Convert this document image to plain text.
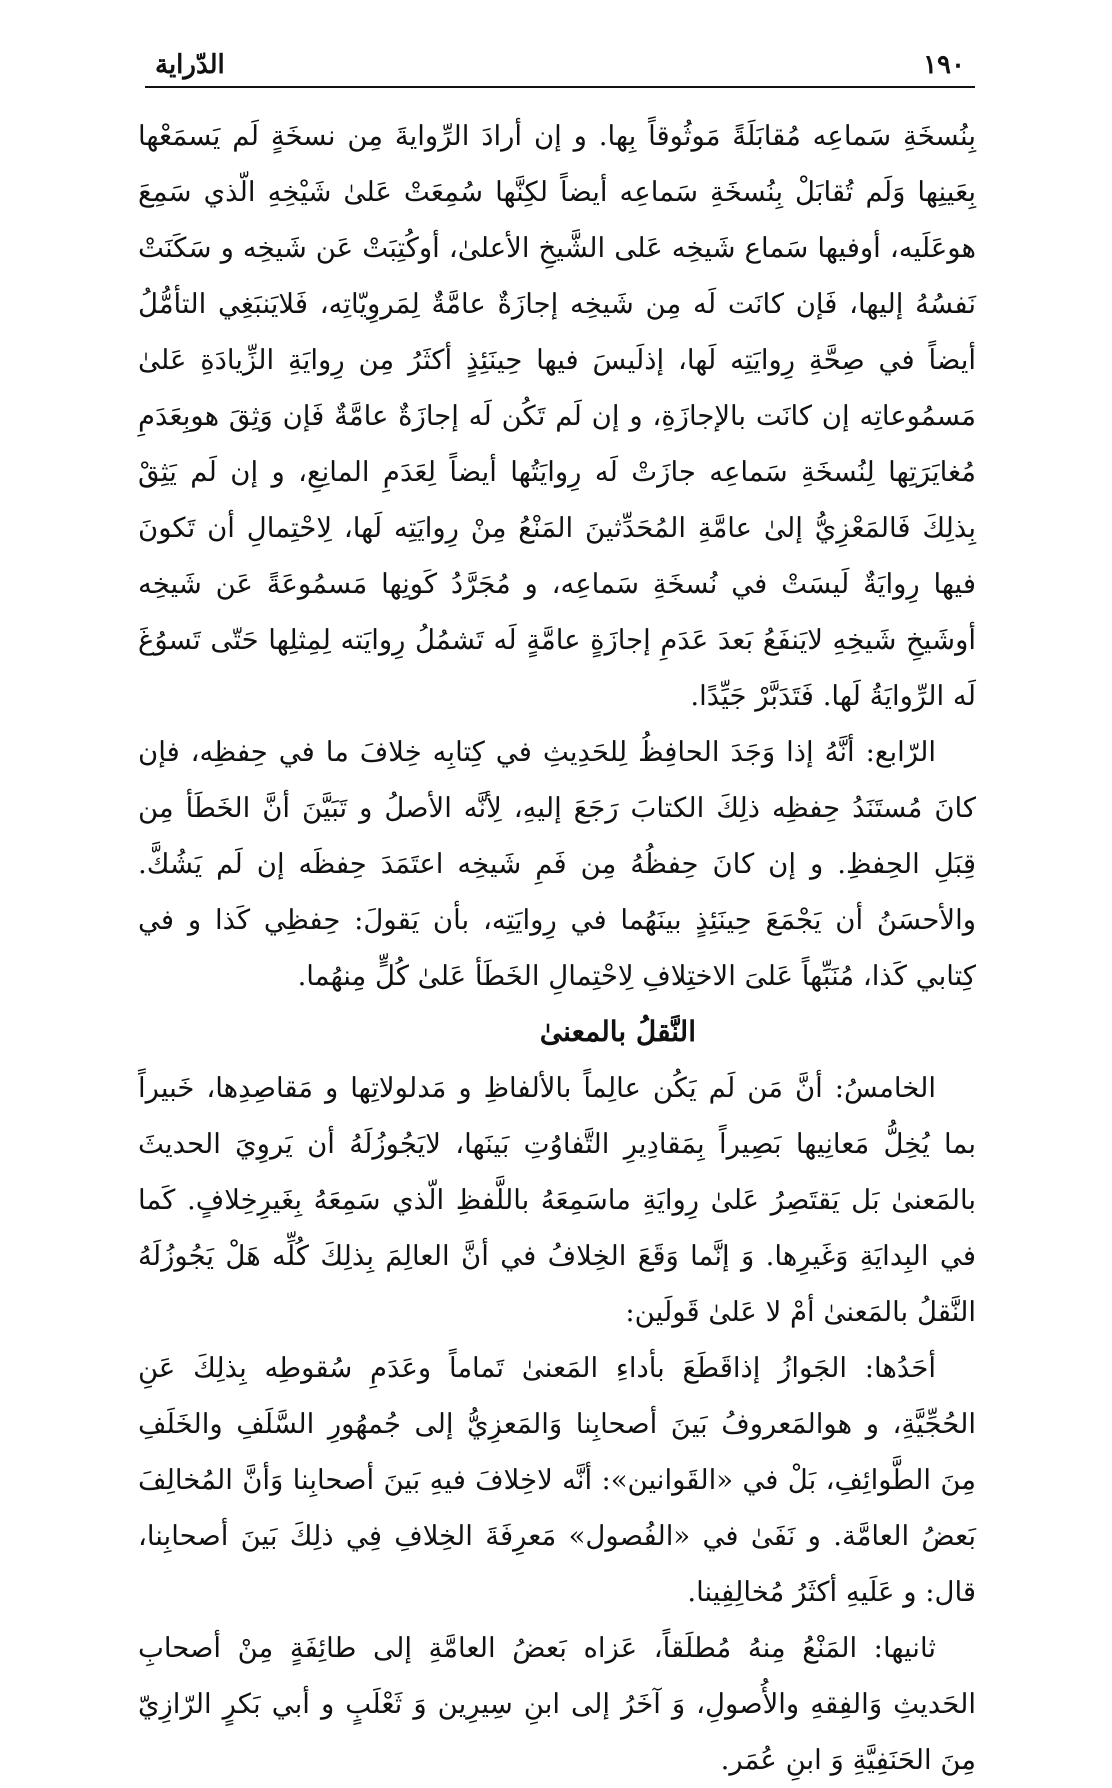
١٩٠
الدّراية

بِنُسخَةِ سَماعِه مُقابَلَةً مَوثُوقاً بِها. و إن أرادَ الرِّوايةَ مِن نسخَةٍ لَم يَسمَعْها بِعَينِها وَلَم تُقابَلْ بِنُسخَةِ سَماعِه أيضاً لكِنَّها سُمِعَتْ عَلىٰ شَيْخِهِ الّذي سَمِعَ هوعَلَيه، أوفيها سَماع شَيخِه عَلى الشَّيخِ الأعلىٰ، أوكُتِبَتْ عَن شَيخِه و سَكَنَتْ نَفسُهُ إليها، فَإن كانَت لَه مِن شَيخِه إجازَةٌ عامَّةٌ لِمَروِيّاتِه، فَلايَنبَغِي التأمُّلُ أيضاً في صِحَّةِ رِوايَتِه لَها، إذلَيسَ فيها حِينَئِذٍ أكثَرُ مِن رِوايَةِ الزِّيادَةِ عَلىٰ مَسمُوعاتِه إن كانَت بالإجازَةِ، و إن لَم تَكُن لَه إجازَةٌ عامَّةٌ فَإن وَثِقَ هوبِعَدَمِ مُغايَرَتِها لِنُسخَةِ سَماعِه جازَتْ لَه رِوايَتُها أيضاً لِعَدَمِ المانِعِ، و إن لَم يَثِقْ بِذلِكَ فَالمَعْزِيُّ إلىٰ عامَّةِ المُحَدِّثينَ المَنْعُ مِنْ رِوايَتِه لَها، لِاحْتِمالِ أن تَكونَ فيها رِوايَةٌ لَيسَتْ في نُسخَةِ سَماعِه، و مُجَرَّدُ كَونِها مَسمُوعَةً عَن شَيخِه أوشَيخِ شَيخِهِ لايَنفَعُ بَعدَ عَدَمِ إجازَةٍ عامَّةٍ لَه تَشمُلُ رِوايَته لِمِثلِها حَتّى تَسوُغَ لَه الرِّوايَةُ لَها. فَتَدَبَّرْ جَيِّدًا.

الرّابع: أنَّهُ إذا وَجَدَ الحافِظُ لِلحَدِيثِ في كِتابِه خِلافَ ما في حِفظِه، فإن كانَ مُستَنَدُ حِفظِه ذلِكَ الكتابَ رَجَعَ إليهِ، لِأنَّه الأصلُ و تَبَيَّنَ أنَّ الخَطَأ مِن قِبَلِ الحِفظِ. و إن كانَ حِفظُهُ مِن فَمِ شَيخِه اعتَمَدَ حِفظَه إن لَم يَشُكَّ. والأحسَنُ أن يَجْمَعَ حِينَئِذٍ بينَهُما في رِوايَتِه، بأن يَقولَ: حِفظِي كَذا و في كِتابي كَذا، مُنَبِّهاً عَلىَ الاختِلافِ لِاحْتِمالِ الخَطَأ عَلىٰ كُلٍّ مِنهُما.

النَّقلُ بالمعنىٰ

الخامسُ: أنَّ مَن لَم يَكُن عالِماً بالألفاظِ و مَدلولاتِها و مَقاصِدِها، خَبيراً بما يُخِلُّ مَعانِيها بَصِيراً بِمَقادِيرِ التَّفاوُتِ بَينَها، لايَجُوزُلَهُ أن يَروِيَ الحديثَ بالمَعنىٰ بَل يَقتَصِرُ عَلىٰ رِوايَةِ ماسَمِعَهُ باللَّفظِ الّذي سَمِعَهُ بِغَيرِخِلافٍ. كَما في البِدايَةِ وَغَيرِها. وَ إنَّما وَقَعَ الخِلافُ في أنَّ العالِمَ بِذلِكَ كُلِّه هَلْ يَجُوزُلَهُ النَّقلُ بالمَعنىٰ أمْ لا عَلىٰ قَولَين:

أحَدُها: الجَوازُ إذاقَطَعَ بأداءِ المَعنىٰ تَماماً وعَدَمِ سُقوطِه بِذلِكَ عَنِ الحُجِّيَّةِ، و هوالمَعروفُ بَينَ أصحابِنا وَالمَعزِيُّ إلى جُمهُورِ السَّلَفِ والخَلَفِ مِنَ الطَّوائِفِ، بَلْ في «القَوانين»: أنَّه لاخِلافَ فيهِ بَينَ أصحابِنا وَأنَّ المُخالِفَ بَعضُ العامَّة. و نَفَىٰ في «الفُصول» مَعرِفَةَ الخِلافِ فِي ذلِكَ بَينَ أصحابِنا، قال: و عَلَيهِ أكثَرُ مُخالِفِينا.

ثانيها: المَنْعُ مِنهُ مُطلَقاً، عَزاه بَعضُ العامَّةِ إلى طائِفَةٍ مِنْ أصحابِ الحَديثِ وَالفِقهِ والأُصولِ، وَ آخَرُ إلى ابنِ سِيرِين وَ ثَعْلَبٍ و أبي بَكرٍ الرّازِيّ مِنَ الحَنَفِيَّةِ وَ ابنِ عُمَر.
